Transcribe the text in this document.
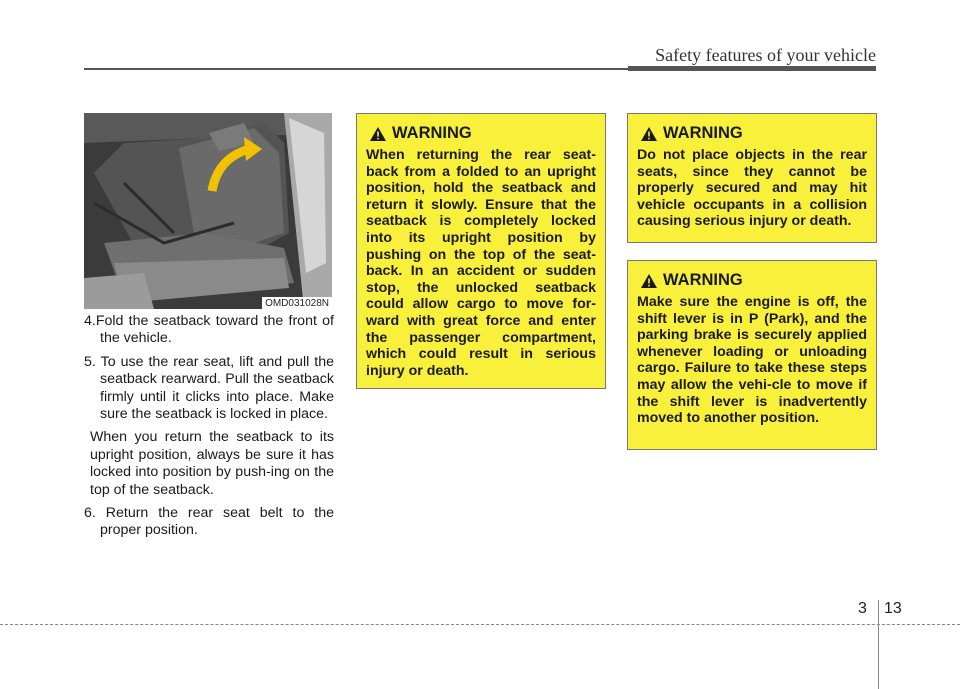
Safety features of your vehicle
OMD031028N

4.Fold the seatback toward the front of the vehicle.

5. To use the rear seat, lift and pull the seatback rearward. Pull the seatback firmly until it clicks into place. Make sure the seatback is locked in place.

When you return the seatback to its upright position, always be sure it has locked into position by push-ing on the top of the seatback.

6. Return the rear seat belt to the proper position.

WARNING
When returning the rear seat-back from a folded to an upright position, hold the seatback and return it slowly. Ensure that the seatback is completely locked into its upright position by pushing on the top of the seat-back. In an accident or sudden stop, the unlocked seatback could allow cargo to move for-ward with great force and enter the passenger compartment, which could result in serious injury or death.
WARNING
Do not place objects in the rear seats, since they cannot be properly secured and may hit vehicle occupants in a collision causing serious injury or death.
WARNING
Make sure the engine is off, the shift lever is in P (Park), and the parking brake is securely applied whenever loading or unloading cargo. Failure to take these steps may allow the vehi-cle to move if the shift lever is inadvertently moved to another position.
3 13
